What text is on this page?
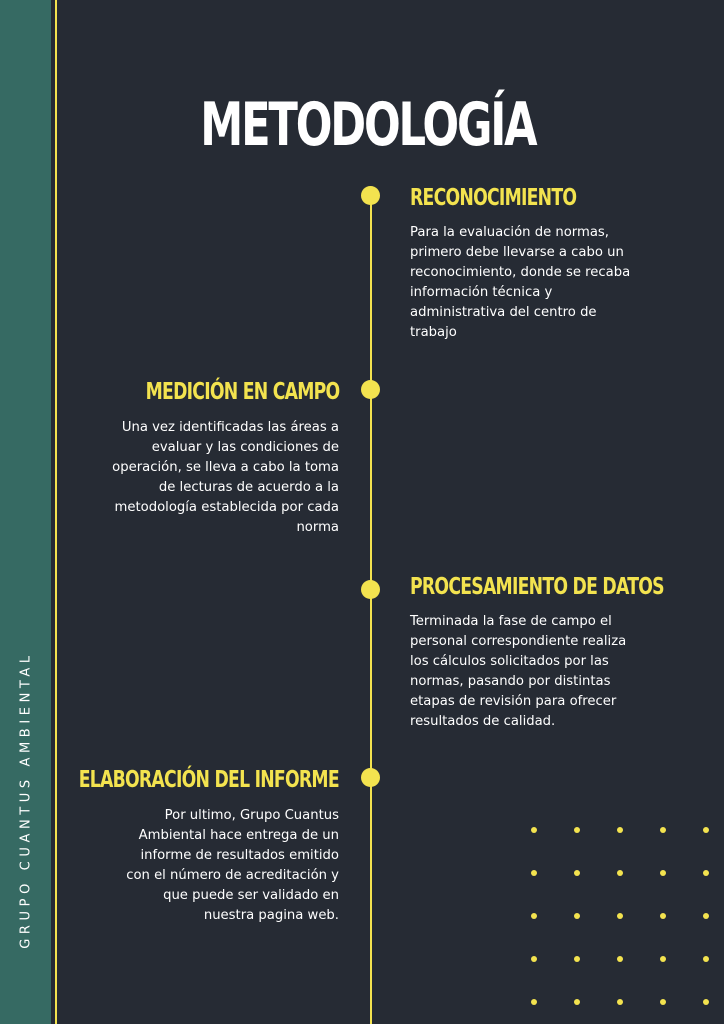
GRUPO CUANTUS AMBIENTAL
METODOLOGÍA
RECONOCIMIENTO
Para la evaluación de normas,
primero debe llevarse a cabo un
reconocimiento, donde se recaba
información técnica y
administrativa del centro de
trabajo
MEDICIÓN EN CAMPO
Una vez identificadas las áreas a
evaluar y las condiciones de
operación, se lleva a cabo la toma
de lecturas de acuerdo a la
metodología establecida por cada
norma
PROCESAMIENTO DE DATOS
Terminada la fase de campo el
personal correspondiente realiza
los cálculos solicitados por las
normas, pasando por distintas
etapas de revisión para ofrecer
resultados de calidad.
ELABORACIÓN DEL INFORME
Por ultimo, Grupo Cuantus
Ambiental hace entrega de un
informe de resultados emitido
con el número de acreditación y
que puede ser validado en
nuestra pagina web.
